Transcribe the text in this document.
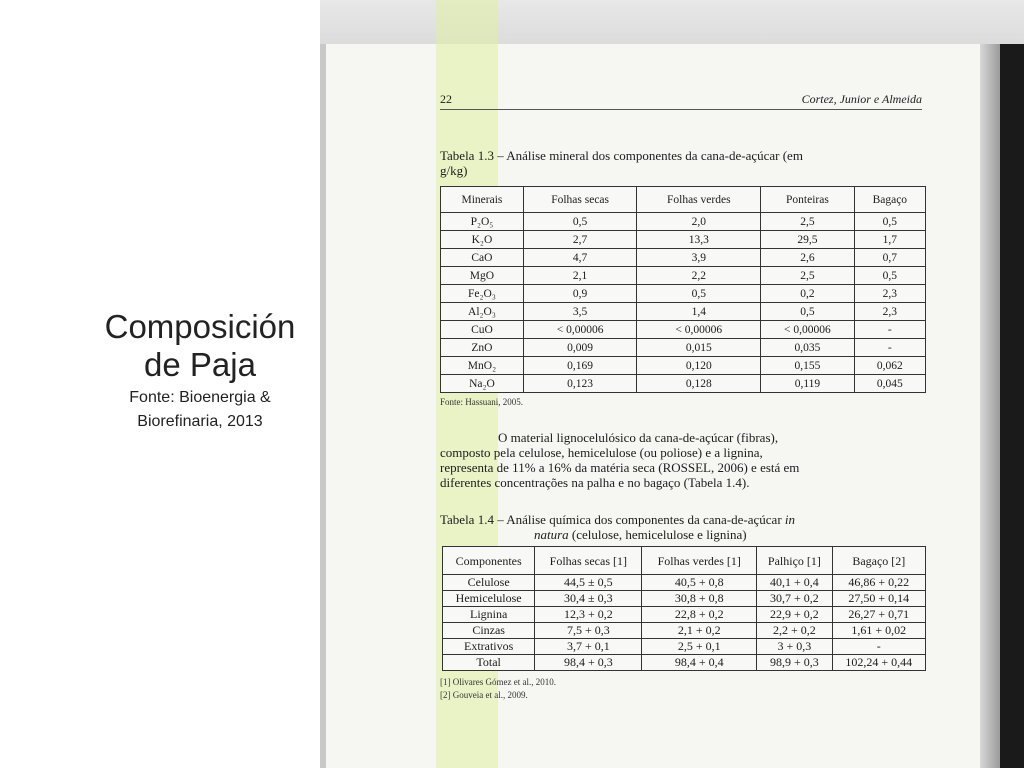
Composición
de Paja
Fonte: Bioenergia &
Biorefinaria, 2013
22	Cortez, Junior e Almeida
Tabela 1.3 – Análise mineral dos componentes da cana-de-açúcar (em
g/kg)
Minerais	Folhas secas	Folhas verdes	Ponteiras	Bagaço
P₂O₅	0,5	2,0	2,5	0,5
K₂O	2,7	13,3	29,5	1,7
CaO	4,7	3,9	2,6	0,7
MgO	2,1	2,2	2,5	0,5
Fe₂O₃	0,9	0,5	0,2	2,3
Al₂O₃	3,5	1,4	0,5	2,3
CuO	< 0,00006	< 0,00006	< 0,00006	-
ZnO	0,009	0,015	0,035	-
MnO₂	0,169	0,120	0,155	0,062
Na₂O	0,123	0,128	0,119	0,045
Fonte: Hassuani, 2005.

O material lignocelulósico da cana-de-açúcar (fibras),

composto pela celulose, hemicelulose (ou poliose) e a lignina,
representa de 11% a 16% da matéria seca (ROSSEL, 2006) e está em
diferentes concentrações na palha e no bagaço (Tabela 1.4).
Tabela 1.4 – Análise química dos componentes da cana-de-açúcar in
natura (celulose, hemicelulose e lignina)
Componentes	Folhas secas [1]	Folhas verdes [1]	Palhiço [1]	Bagaço [2]
Celulose	44,5 ± 0,5	40,5 + 0,8	40,1 + 0,4	46,86 + 0,22
Hemicelulose	30,4 ± 0,3	30,8 + 0,8	30,7 + 0,2	27,50 + 0,14
Lignina	12,3 + 0,2	22,8 + 0,2	22,9 + 0,2	26,27 + 0,71
Cinzas	7,5 + 0,3	2,1 + 0,2	2,2 + 0,2	1,61 + 0,02
Extrativos	3,7 + 0,1	2,5 + 0,1	3 + 0,3	-
Total	98,4 + 0,3	98,4 + 0,4	98,9 + 0,3	102,24 + 0,44
[1] Olivares Gómez et al., 2010.
[2] Gouveia et al., 2009.
